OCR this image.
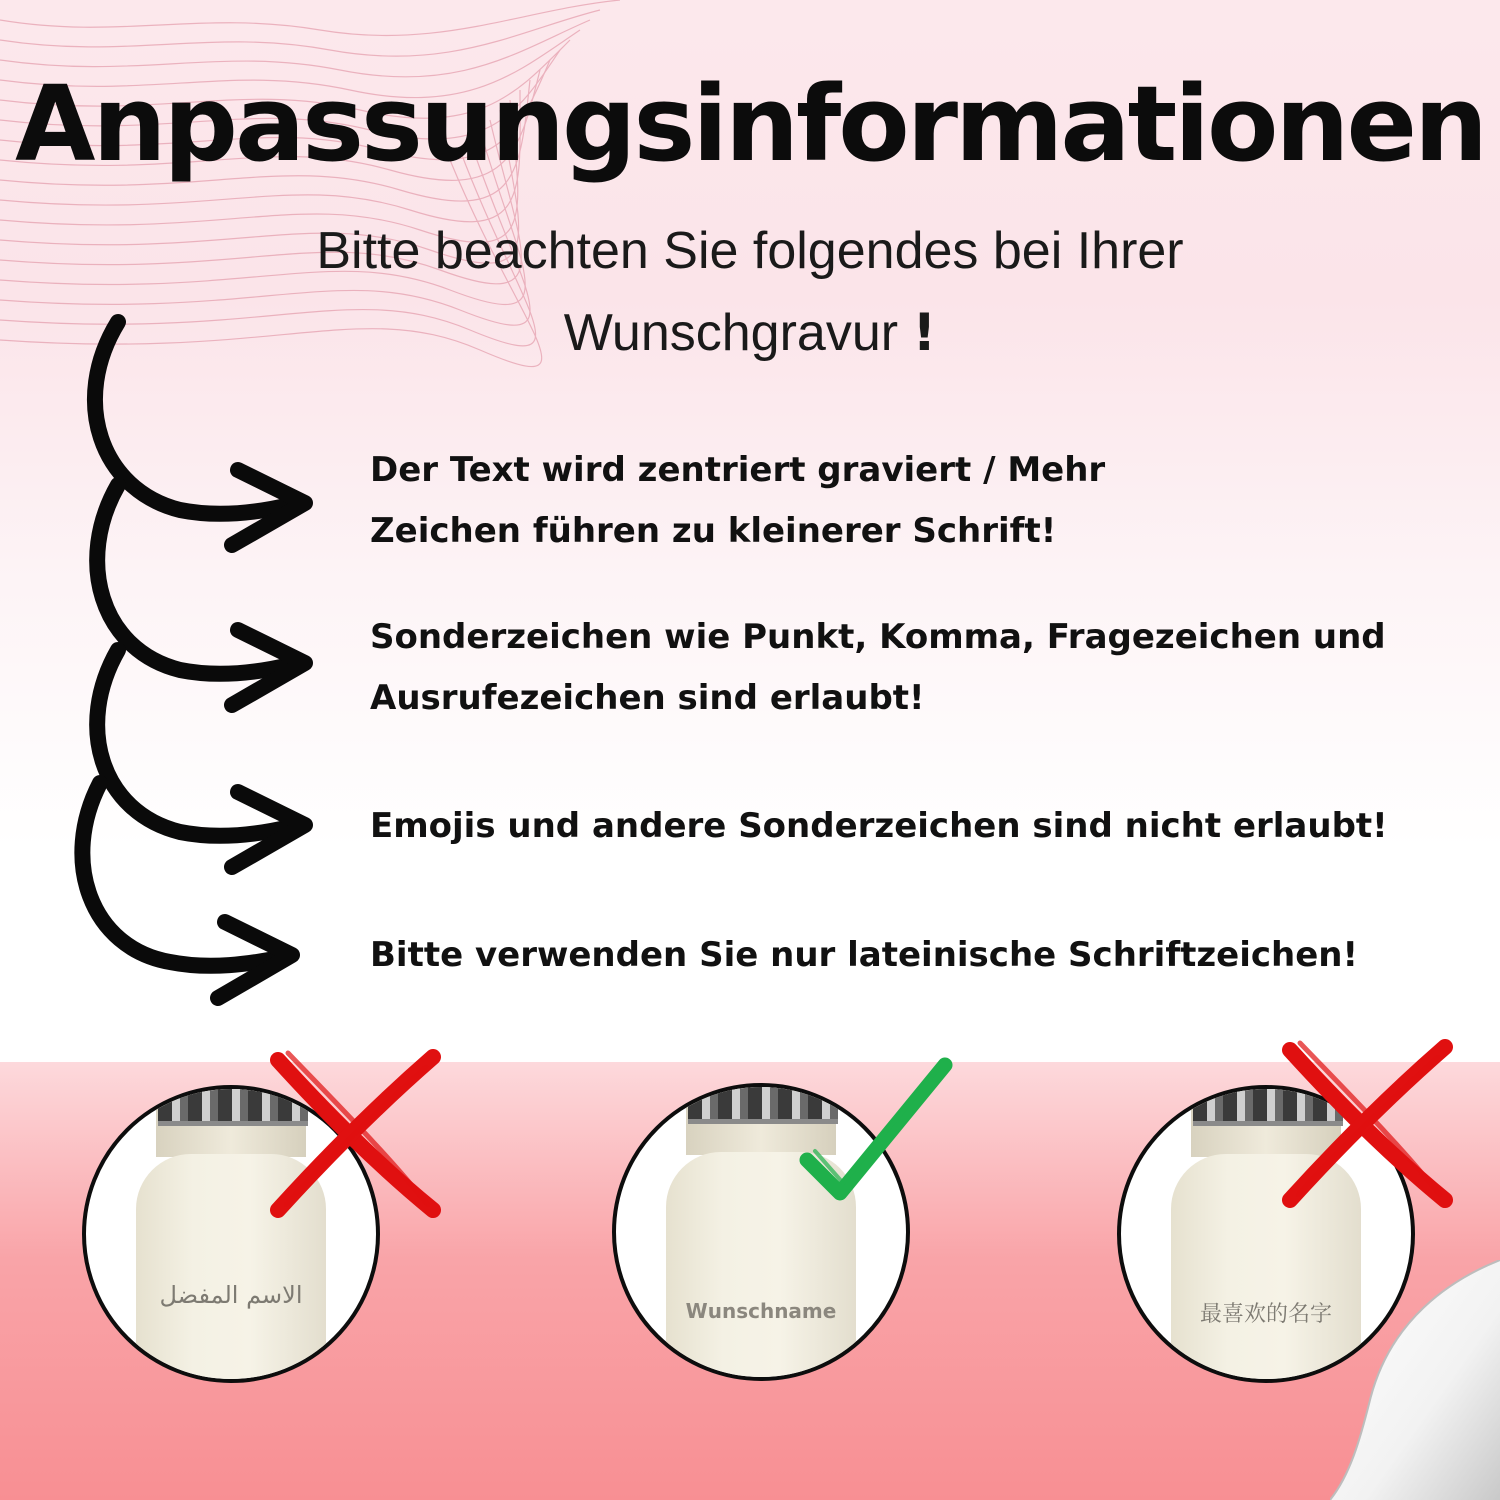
Anpassungsinformationen
Bitte beachten Sie folgendes bei Ihrer
Wunschgravur !
Der Text wird zentriert graviert / Mehr
Zeichen führen zu kleinerer Schrift!
Sonderzeichen wie Punkt, Komma, Fragezeichen und
Ausrufezeichen sind erlaubt!
Emojis und andere Sonderzeichen sind nicht erlaubt!
Bitte verwenden Sie nur lateinische Schriftzeichen!
الاسم المفضل
Wunschname	最喜欢的名字
